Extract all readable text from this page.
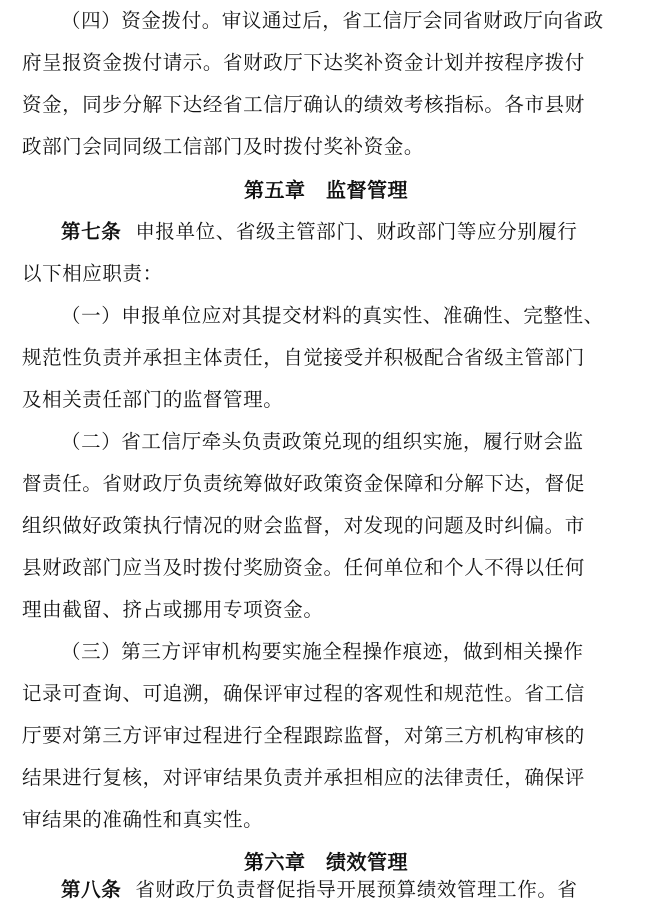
（四）资金拨付。审议通过后，省工信厅会同省财政厅向省政
府呈报资金拨付请示。省财政厅下达奖补资金计划并按程序拨付
资金，同步分解下达经省工信厅确认的绩效考核指标。各市县财
政部门会同同级工信部门及时拨付奖补资金。
第五章　监督管理
第七条 申报单位、省级主管部门、财政部门等应分别履行
以下相应职责：
（一）申报单位应对其提交材料的真实性、准确性、完整性、
规范性负责并承担主体责任，自觉接受并积极配合省级主管部门
及相关责任部门的监督管理。
（二）省工信厅牵头负责政策兑现的组织实施，履行财会监
督责任。省财政厅负责统筹做好政策资金保障和分解下达，督促
组织做好政策执行情况的财会监督，对发现的问题及时纠偏。市
县财政部门应当及时拨付奖励资金。任何单位和个人不得以任何
理由截留、挤占或挪用专项资金。
（三）第三方评审机构要实施全程操作痕迹，做到相关操作
记录可查询、可追溯，确保评审过程的客观性和规范性。省工信
厅要对第三方评审过程进行全程跟踪监督，对第三方机构审核的
结果进行复核，对评审结果负责并承担相应的法律责任，确保评
审结果的准确性和真实性。
第六章　绩效管理
第八条 省财政厅负责督促指导开展预算绩效管理工作。省
